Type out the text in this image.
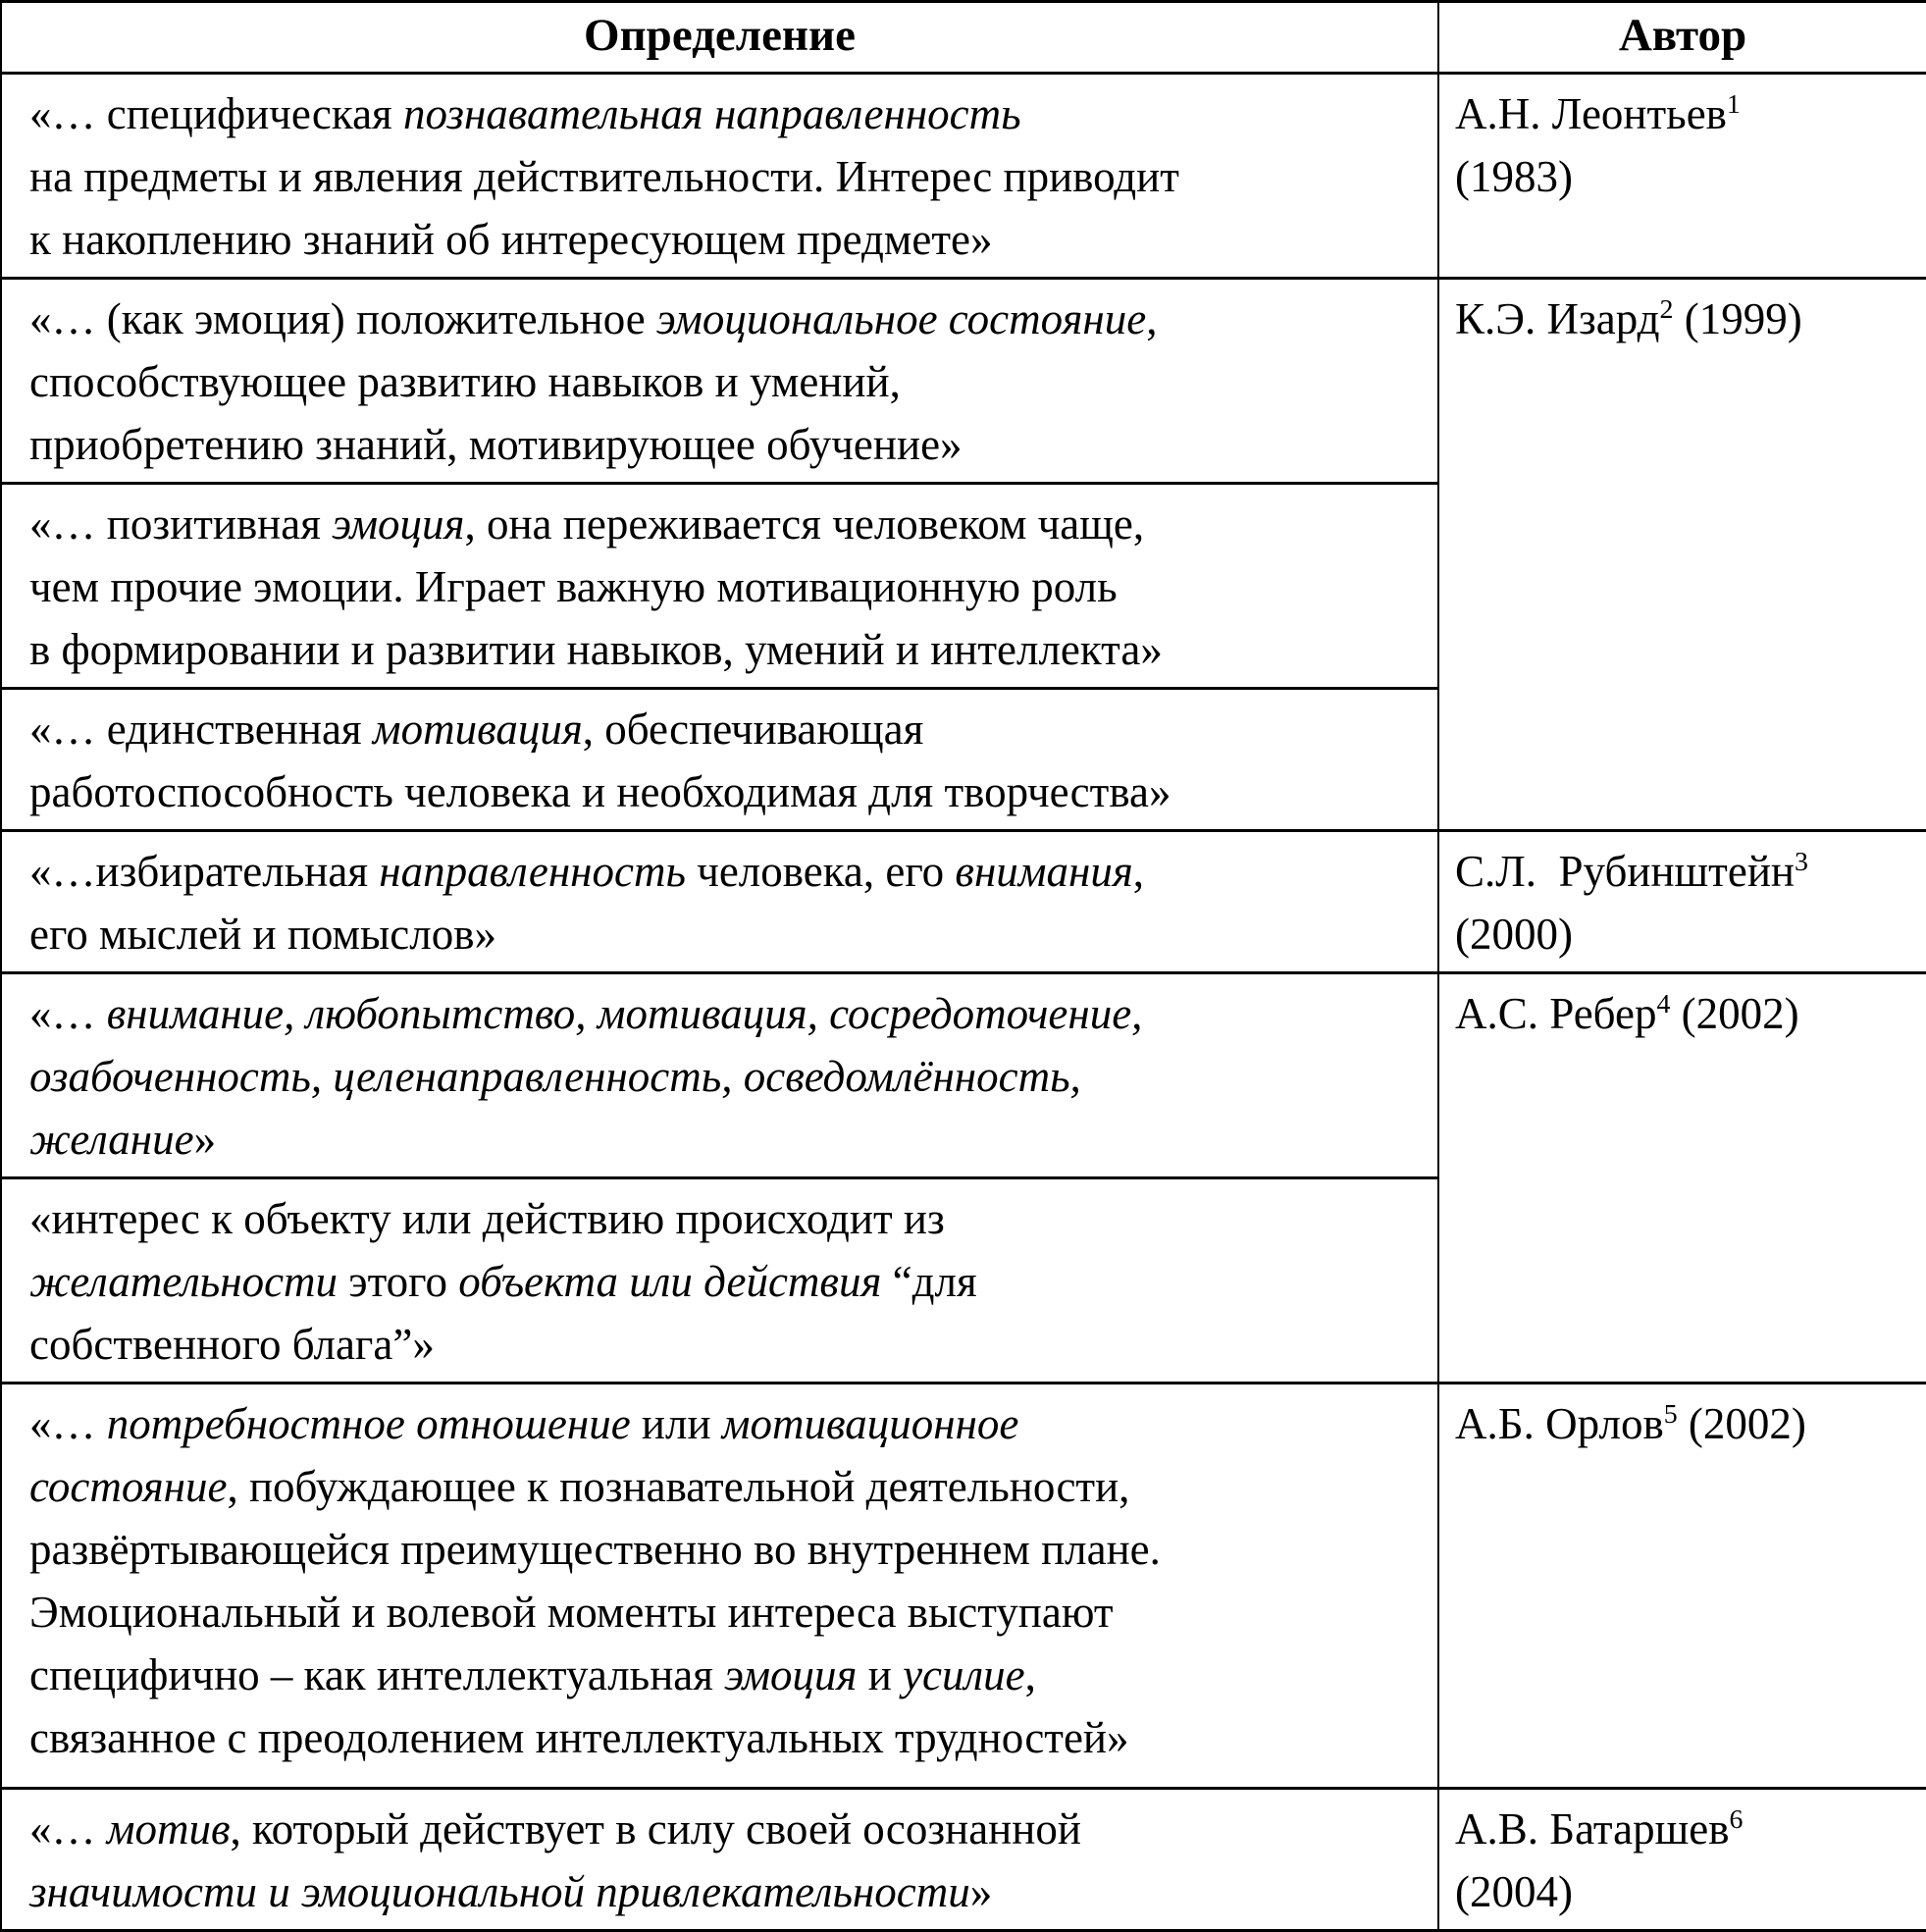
Определение	Автор
«… специфическая познавательная направленность
на предметы и явления действительности. Интерес приводит
к накоплению знаний об интересующем предмете»	А.Н. Леонтьев$^1$
(1983)
«… (как эмоция) положительное эмоциональное состояние,
способствующее развитию навыков и умений,
приобретению знаний, мотивирующее обучение»	К.Э. Изард$^2$ (1999)
«… позитивная эмоция, она переживается человеком чаще,
чем прочие эмоции. Играет важную мотивационную роль
в формировании и развитии навыков, умений и интеллекта»	
«… единственная мотивация, обеспечивающая
работоспособность человека и необходимая для творчества»	
«…избирательная направленность человека, его внимания,
его мыслей и помыслов»	С.Л.  Рубинштейн$^3$
(2000)
«… внимание, любопытство, мотивация, сосредоточение,
озабоченность, целенаправленность, осведомлённость,
желание»	А.С. Ребер$^4$ (2002)
«интерес к объекту или действию происходит из
желательности этого объекта или действия “для
собственного блага”»	
«… потребностное отношение или мотивационное
состояние, побуждающее к познавательной деятельности,
развёртывающейся преимущественно во внутреннем плане.
Эмоциональный и волевой моменты интереса выступают
специфично – как интеллектуальная эмоция и усилие,
связанное с преодолением интеллектуальных трудностей»	А.Б. Орлов$^5$ (2002)
«… мотив, который действует в силу своей осознанной
значимости и эмоциональной привлекательности»	А.В. Батаршев$^6$
(2004)
